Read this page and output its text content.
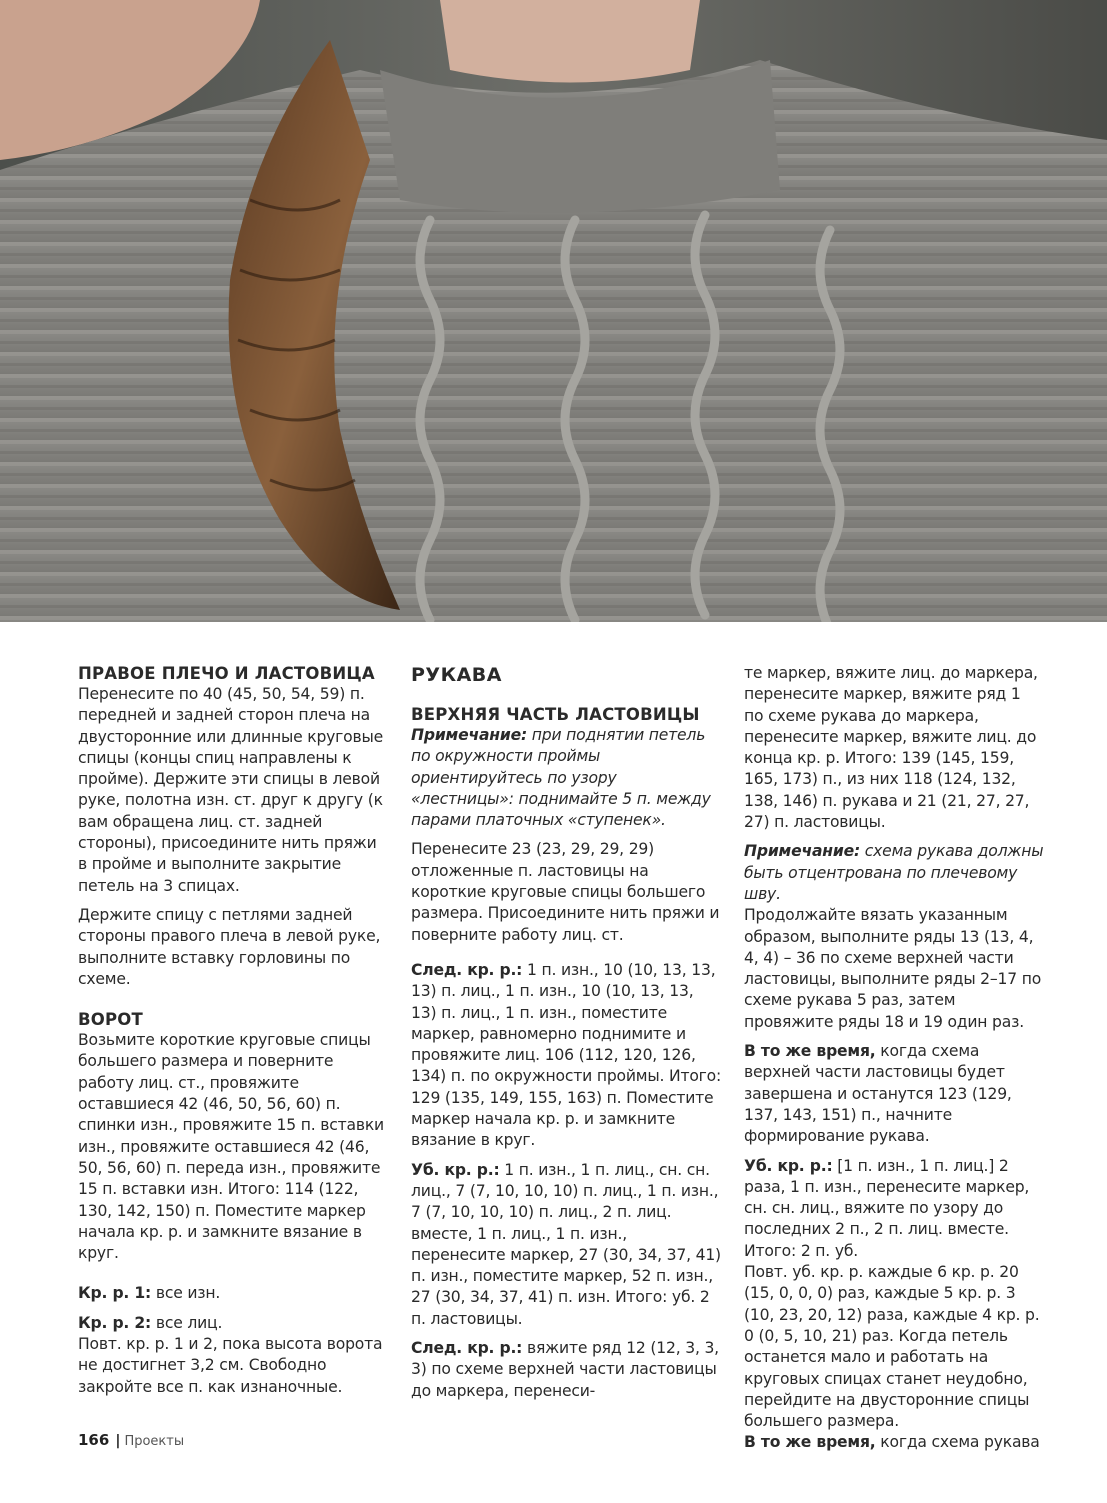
ПРАВОЕ ПЛЕЧО И ЛАСТОВИЦА

Перенесите по 40 (45, 50, 54, 59) п. передней и задней сторон плеча на двусторонние или длинные круговые спицы (концы спиц направлены к пройме). Держите эти спицы в левой руке, полотна изн. ст. друг к другу (к вам обращена лиц. ст. задней стороны), присоедините нить пряжи в пройме и выполните закрытие петель на 3 спицах.

Держите спицу с петлями задней стороны правого плеча в левой руке, выполните вставку горловины по схеме.

ВОРОТ

Возьмите короткие круговые спицы большего размера и поверните работу лиц. ст., провяжите оставшиеся 42 (46, 50, 56, 60) п. спинки изн., провяжите 15 п. вставки изн., провяжите оставшиеся 42 (46, 50, 56, 60) п. переда изн., провяжите 15 п. вставки изн. Итого: 114 (122, 130, 142, 150) п. Поместите маркер начала кр. р. и замкните вязание в круг.

Кр. р. 1: все изн.

Кр. р. 2: все лиц.

Повт. кр. р. 1 и 2, пока высота ворота не достигнет 3,2 см. Свободно закройте все п. как изнаночные.

РУКАВА
ВЕРХНЯЯ ЧАСТЬ ЛАСТОВИЦЫ

Примечание: при поднятии петель по окружности проймы ориентируйтесь по узору «лестницы»: поднимайте 5 п. между парами платочных «ступенек».

Перенесите 23 (23, 29, 29, 29) отложенные п. ластовицы на короткие круговые спицы большего размера. Присоедините нить пряжи и поверните работу лиц. ст.

След. кр. р.: 1 п. изн., 10 (10, 13, 13, 13) п. лиц., 1 п. изн., 10 (10, 13, 13, 13) п. лиц., 1 п. изн., поместите маркер, равномерно поднимите и провяжите лиц. 106 (112, 120, 126, 134) п. по окружности проймы. Итого: 129 (135, 149, 155, 163) п. Поместите маркер начала кр. р. и замкните вязание в круг.

Уб. кр. р.: 1 п. изн., 1 п. лиц., сн. сн. лиц., 7 (7, 10, 10, 10) п. лиц., 1 п. изн., 7 (7, 10, 10, 10) п. лиц., 2 п. лиц. вместе, 1 п. лиц., 1 п. изн., перенесите маркер, 27 (30, 34, 37, 41) п. изн., поместите маркер, 52 п. изн., 27 (30, 34, 37, 41) п. изн. Итого: уб. 2 п. ластовицы.

След. кр. р.: вяжите ряд 12 (12, 3, 3, 3) по схеме верхней части ластовицы до маркера, перенеси-

те маркер, вяжите лиц. до маркера, перенесите маркер, вяжите ряд 1 по схеме рукава до маркера, перенесите маркер, вяжите лиц. до конца кр. р. Итого: 139 (145, 159, 165, 173) п., из них 118 (124, 132, 138, 146) п. рукава и 21 (21, 27, 27, 27) п. ластовицы.

Примечание: схема рукава должны быть отцентрована по плечевому шву.

Продолжайте вязать указанным образом, выполните ряды 13 (13, 4, 4, 4) – 36 по схеме верхней части ластовицы, выполните ряды 2–17 по схеме рукава 5 раз, затем провяжите ряды 18 и 19 один раз.

В то же время, когда схема верхней части ластовицы будет завершена и останутся 123 (129, 137, 143, 151) п., начните формирование рукава.

Уб. кр. р.: [1 п. изн., 1 п. лиц.] 2 раза, 1 п. изн., перенесите маркер, сн. сн. лиц., вяжите по узору до последних 2 п., 2 п. лиц. вместе. Итого: 2 п. уб.

Повт. уб. кр. р. каждые 6 кр. р. 20 (15, 0, 0, 0) раз, каждые 5 кр. р. 3 (10, 23, 20, 12) раза, каждые 4 кр. р. 0 (0, 5, 10, 21) раз. Когда петель останется мало и работать на круговых спицах станет неудобно, перейдите на двусторонние спицы большего размера.

В то же время, когда схема рукава

166 | Проекты
